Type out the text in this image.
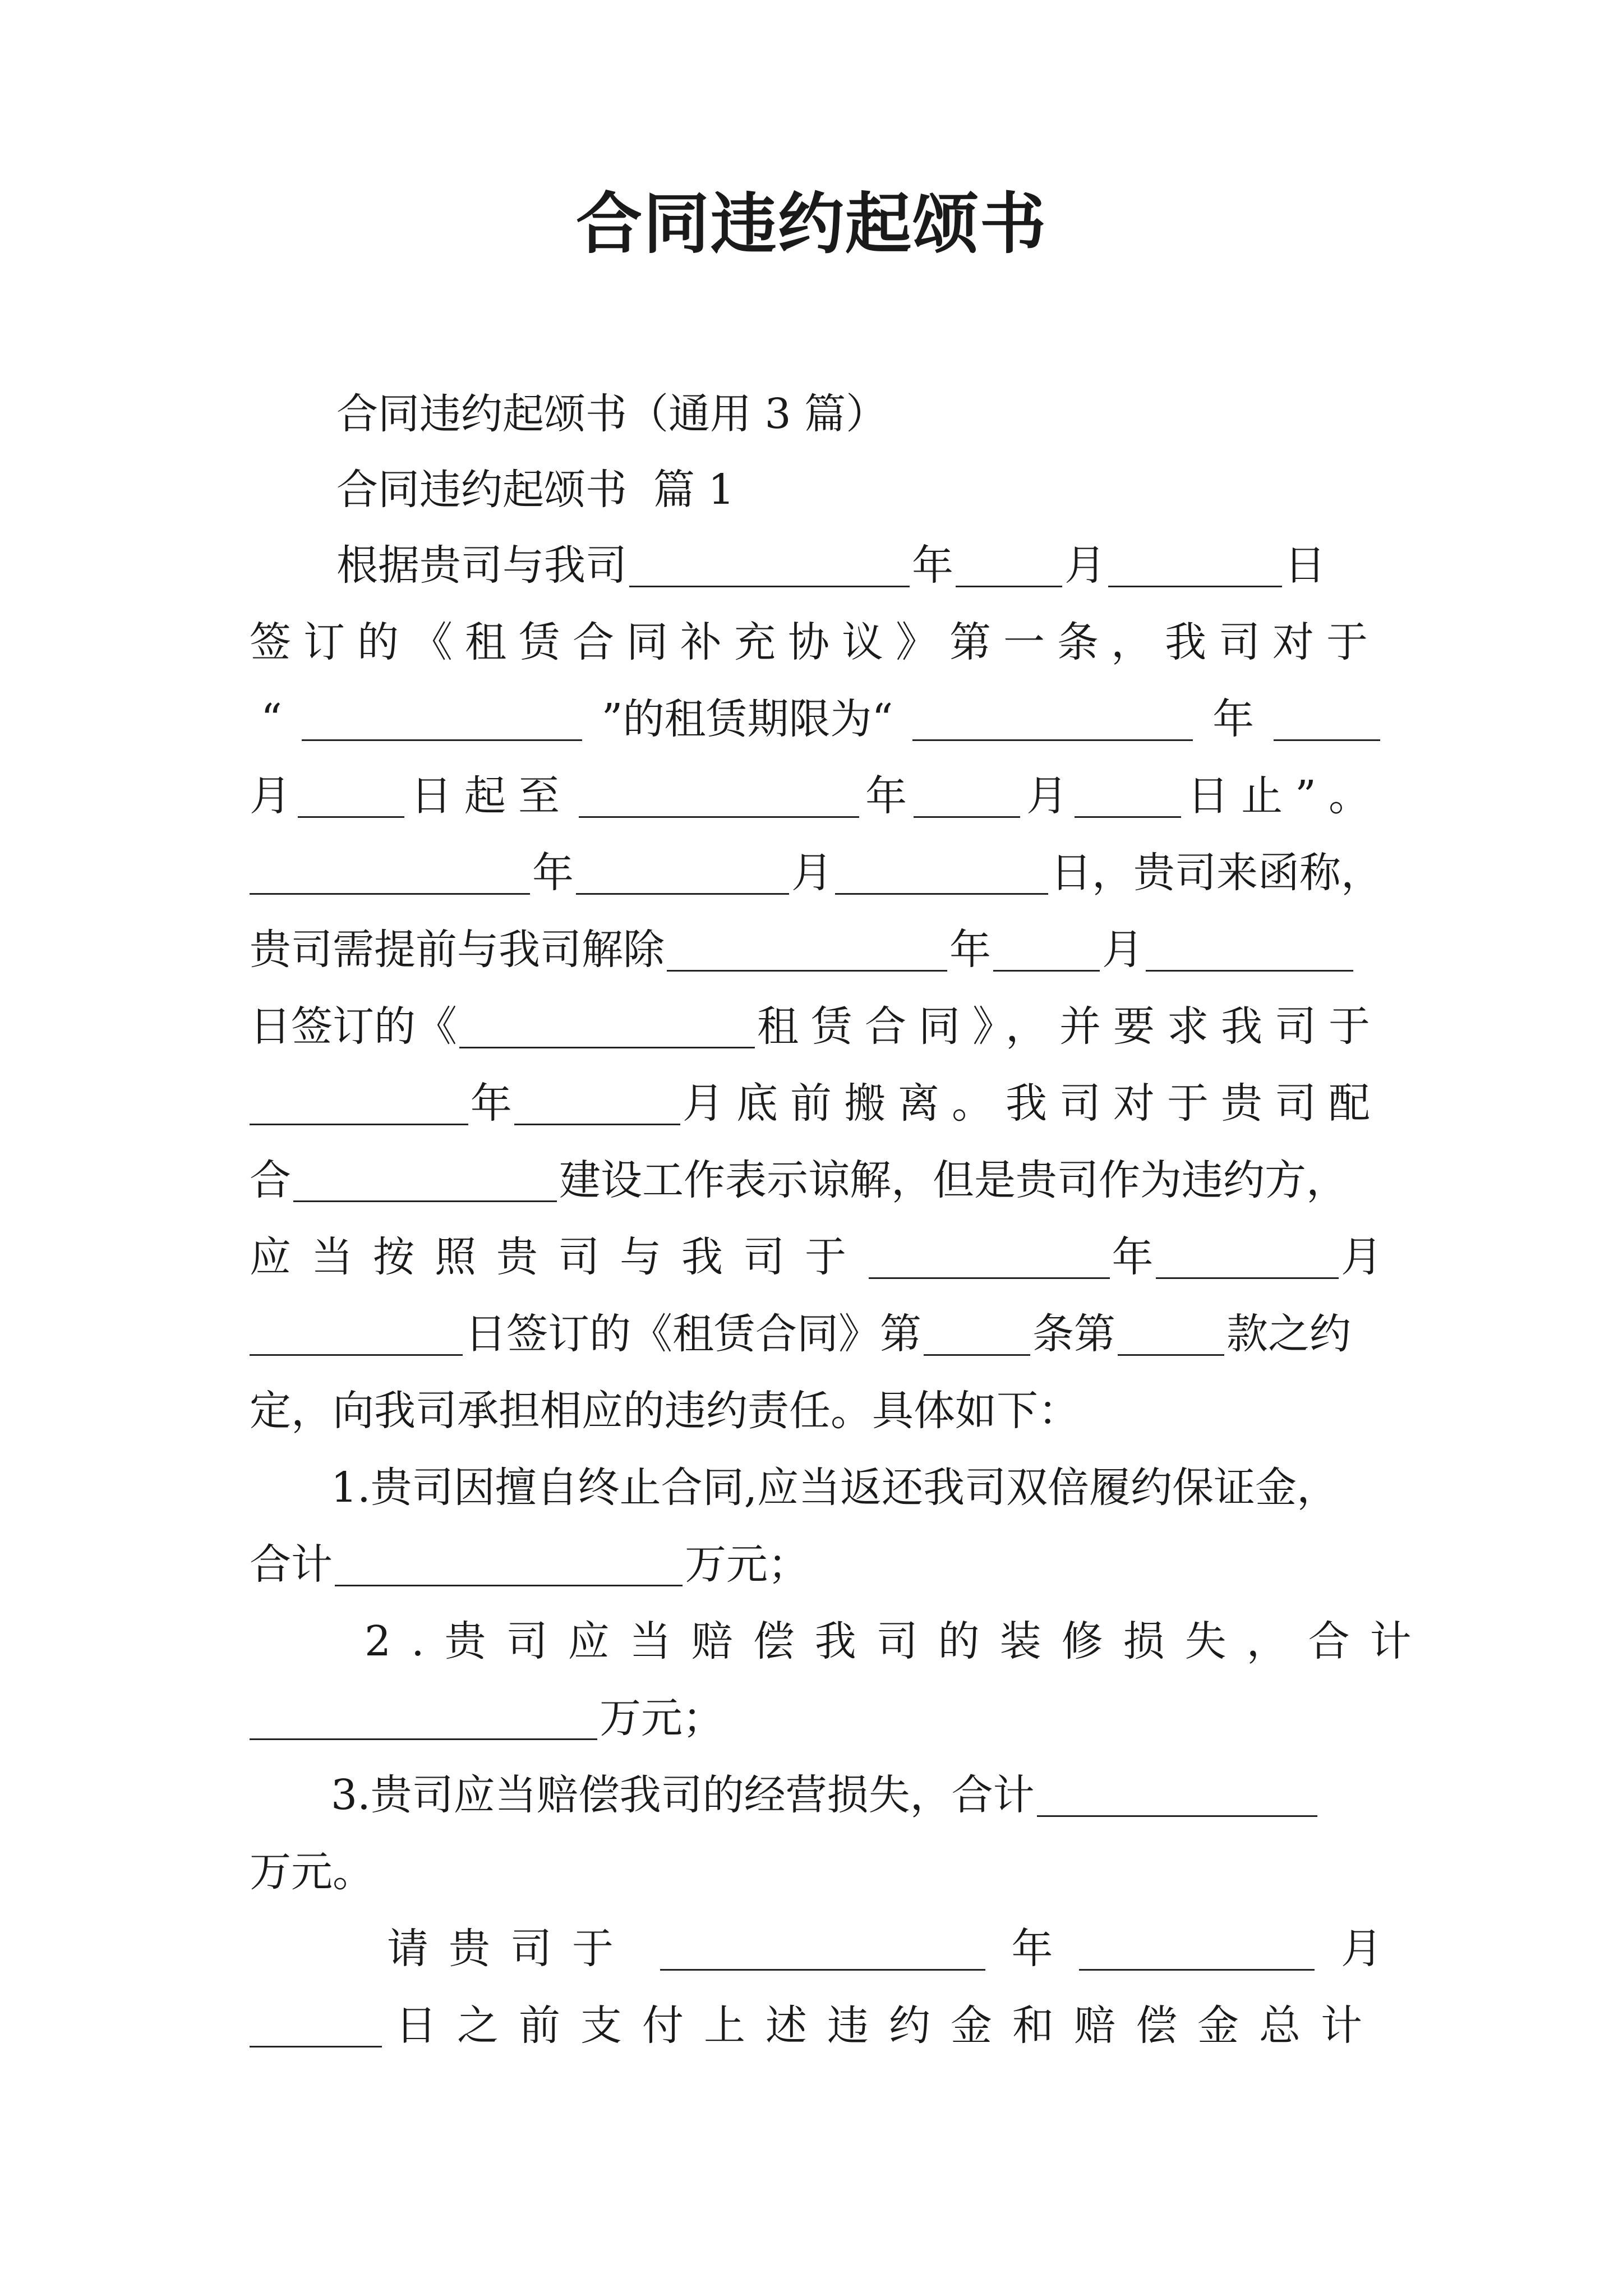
合同违约起颂书
合同违约起颂书（通用 3 篇）
合同违约起颂书  篇 1
根据贵司与我司	年	月	日
签订的《租赁合同补充协议》第一条，我司对于
“	”的租赁期限为“	年
月	日起至	年	月	日止”。
年	月	日，贵司来函称，
贵司需提前与我司解除	年	月
日签订的《	租赁合同》，并要求我司于
年	月底前搬离。我司对于贵司配
合	建设工作表示谅解，但是贵司作为违约方，
应当按照贵司与我司于	年	月
日签订的《租赁合同》第	条第	款之约
定，向我司承担相应的违约责任。具体如下：
1.贵司因擅自终止合同,应当返还我司双倍履约保证金，
合计	万元；
2.贵司应当赔偿我司的装修损失，合计
万元；
3.贵司应当赔偿我司的经营损失，合计
万元。
请贵司于	年	月
日之前支付上述违约金和赔偿金总计
